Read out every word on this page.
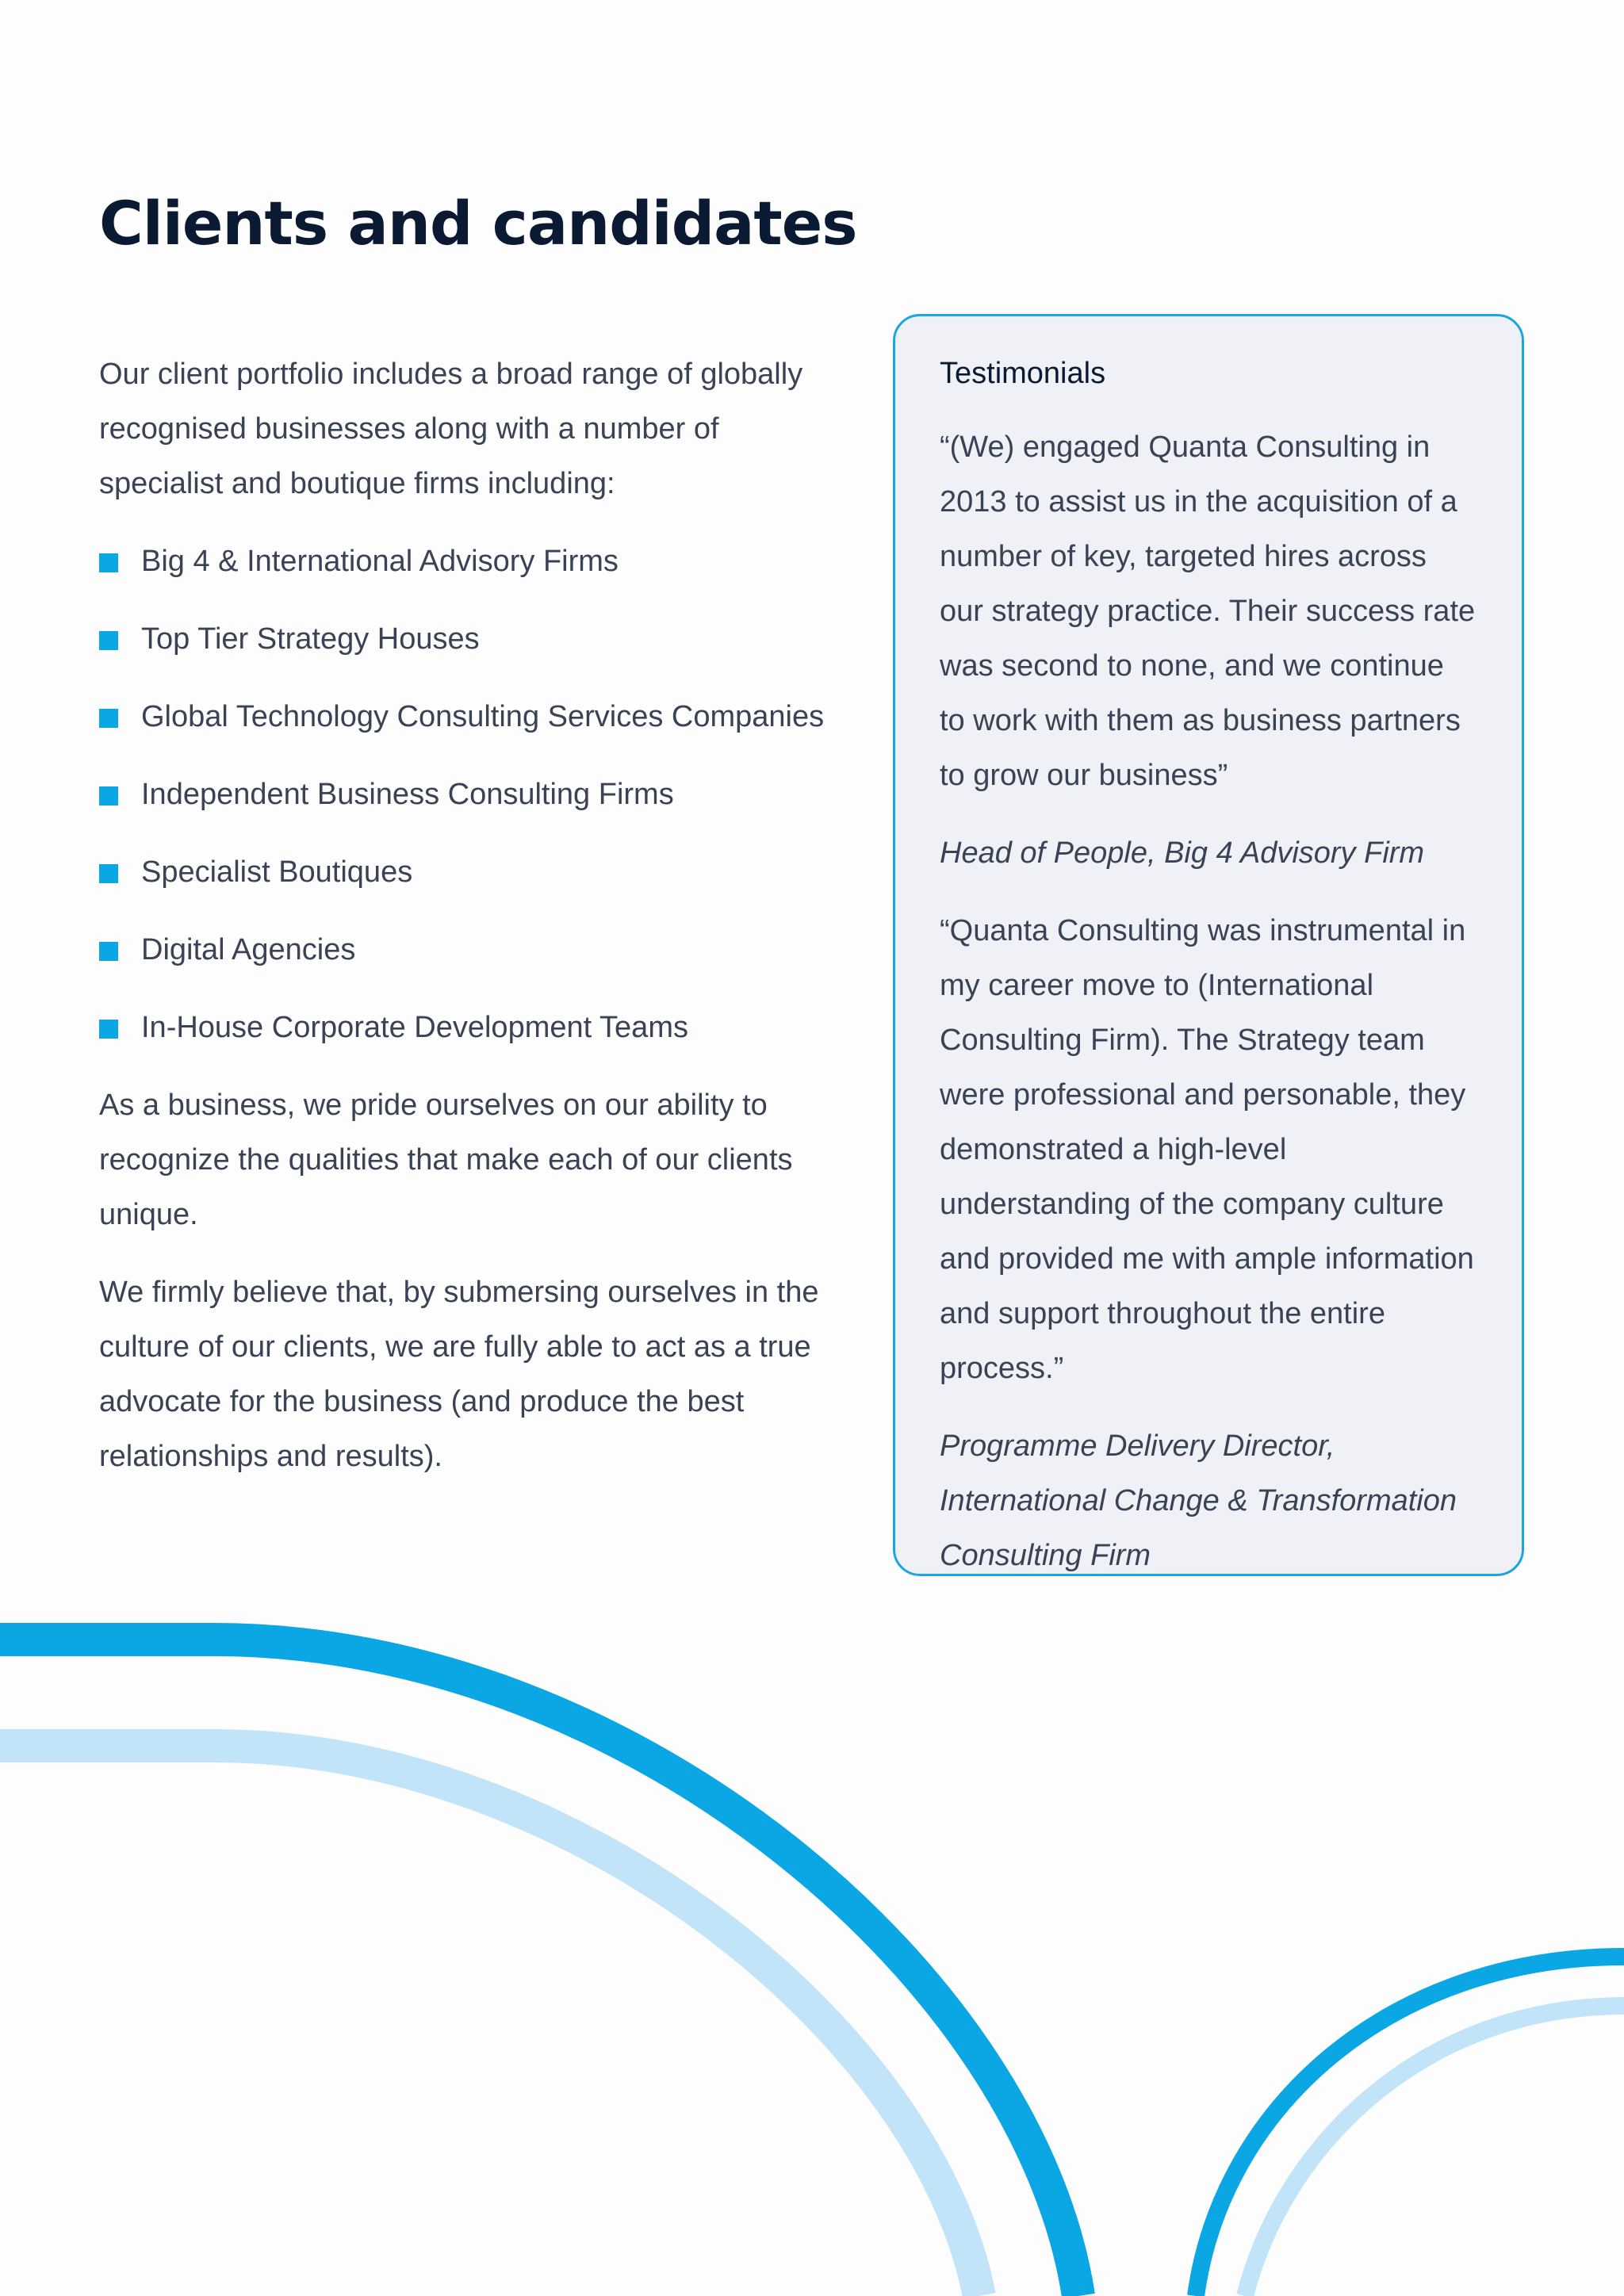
Clients and candidates

Our client portfolio includes a broad range of globally recognised businesses along with a number of specialist and boutique firms including:

Big 4 & International Advisory Firms
Top Tier Strategy Houses
Global Technology Consulting Services Companies
Independent Business Consulting Firms
Specialist Boutiques
Digital Agencies
In-House Corporate Development Teams

As a business, we pride ourselves on our ability to recognize the qualities that make each of our clients unique.

We firmly believe that, by submersing ourselves in the culture of our clients, we are fully able to act as a true advocate for the business (and produce the best relationships and results).

Testimonials

“(We) engaged Quanta Consulting in 2013 to assist us in the acquisition of a number of key, targeted hires across our strategy practice. Their success rate was second to none, and we continue to work with them as business partners to grow our business”

Head of People, Big 4 Advisory Firm

“Quanta Consulting was instrumental in my career move to (International Consulting Firm). The Strategy team were professional and personable, they demonstrated a high-level understanding of the company culture and provided me with ample information and support throughout the entire process.”

Programme Delivery Director, International Change & Transformation Consulting Firm
